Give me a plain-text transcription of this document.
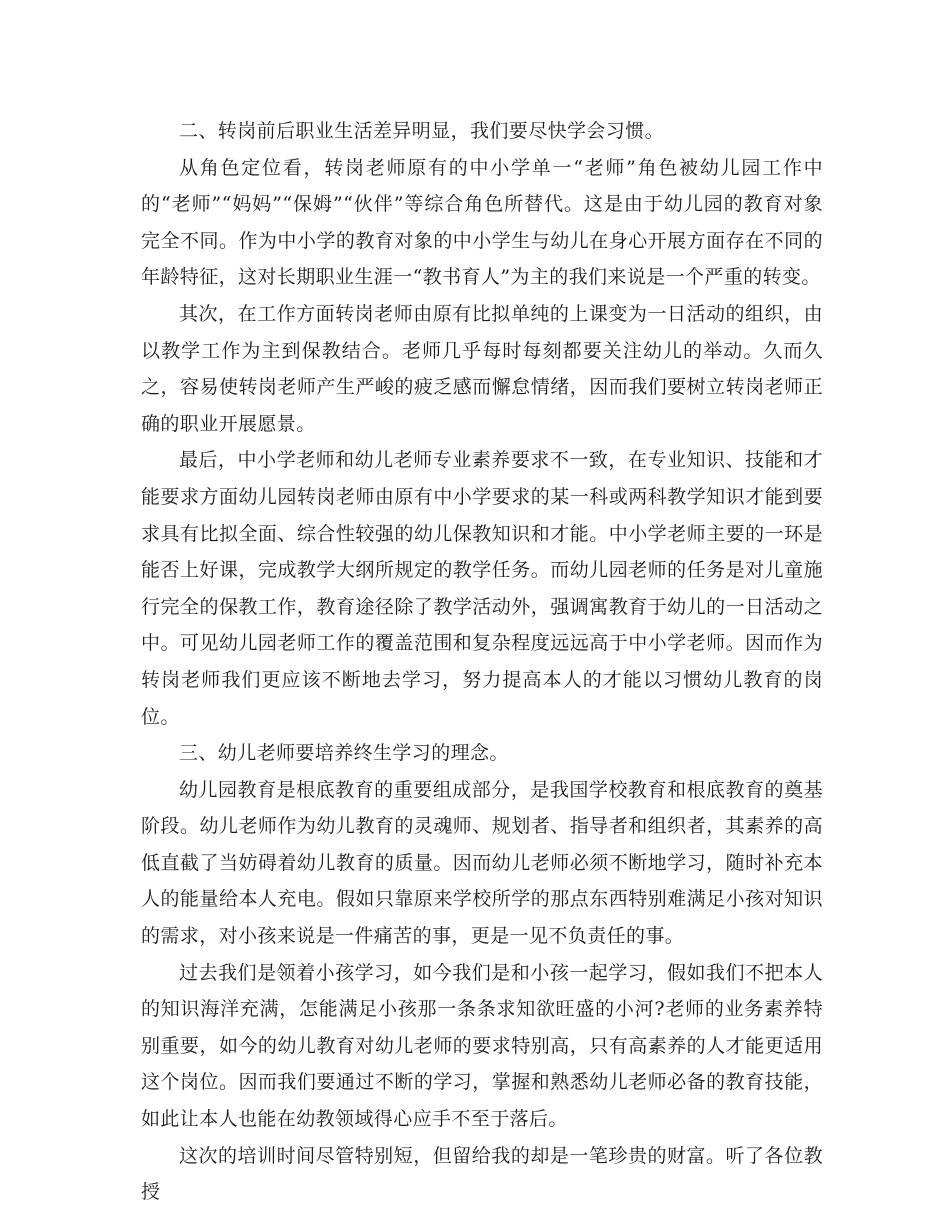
二、转岗前后职业生活差异明显，我们要尽快学会习惯。

从角色定位看，转岗老师原有的中小学单一“老师”角色被幼儿园工作中的“老师”“妈妈”“保姆”“伙伴”等综合角色所替代。这是由于幼儿园的教育对象完全不同。作为中小学的教育对象的中小学生与幼儿在身心开展方面存在不同的年龄特征，这对长期职业生涯一“教书育人”为主的我们来说是一个严重的转变。

其次，在工作方面转岗老师由原有比拟单纯的上课变为一日活动的组织，由以教学工作为主到保教结合。老师几乎每时每刻都要关注幼儿的举动。久而久之，容易使转岗老师产生严峻的疲乏感而懈怠情绪，因而我们要树立转岗老师正确的职业开展愿景。

最后，中小学老师和幼儿老师专业素养要求不一致，在专业知识、技能和才能要求方面幼儿园转岗老师由原有中小学要求的某一科或两科教学知识才能到要求具有比拟全面、综合性较强的幼儿保教知识和才能。中小学老师主要的一环是能否上好课，完成教学大纲所规定的教学任务。而幼儿园老师的任务是对儿童施行完全的保教工作，教育途径除了教学活动外，强调寓教育于幼儿的一日活动之中。可见幼儿园老师工作的覆盖范围和复杂程度远远高于中小学老师。因而作为转岗老师我们更应该不断地去学习，努力提高本人的才能以习惯幼儿教育的岗位。

三、幼儿老师要培养终生学习的理念。

幼儿园教育是根底教育的重要组成部分，是我国学校教育和根底教育的奠基阶段。幼儿老师作为幼儿教育的灵魂师、规划者、指导者和组织者，其素养的高低直截了当妨碍着幼儿教育的质量。因而幼儿老师必须不断地学习，随时补充本人的能量给本人充电。假如只靠原来学校所学的那点东西特别难满足小孩对知识的需求，对小孩来说是一件痛苦的事，更是一见不负责任的事。

过去我们是领着小孩学习，如今我们是和小孩一起学习，假如我们不把本人的知识海洋充满，怎能满足小孩那一条条求知欲旺盛的小河?老师的业务素养特别重要，如今的幼儿教育对幼儿老师的要求特别高，只有高素养的人才能更适用这个岗位。因而我们要通过不断的学习，掌握和熟悉幼儿老师必备的教育技能，如此让本人也能在幼教领域得心应手不至于落后。

这次的培训时间尽管特别短，但留给我的却是一笔珍贵的财富。听了各位教授
